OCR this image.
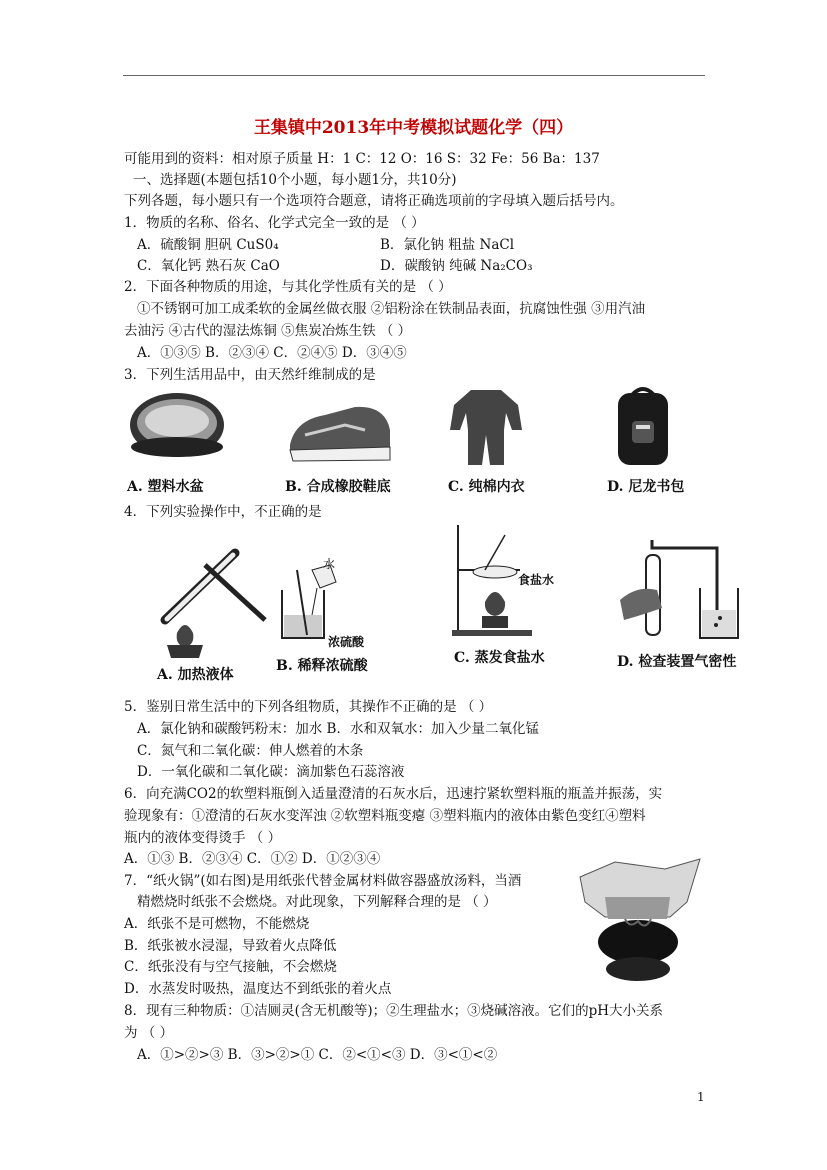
王集镇中2013年中考模拟试题化学（四）
可能用到的资料：相对原子质量 H：1 C：12 O：16 S：32 Fe：56 Ba：137
一、选择题(本题包括10个小题，每小题1分，共10分)
下列各题，每小题只有一个选项符合题意，请将正确选项前的字母填入题后括号内。
1．物质的名称、俗名、化学式完全一致的是 （ ）
A．硫酸铜 胆矾 CuS0₄	B．氯化钠 粗盐 NaCl
C．氧化钙 熟石灰 CaO	D．碳酸钠 纯碱 Na₂CO₃
2．下面各种物质的用途，与其化学性质有关的是 （ ）
①不锈钢可加工成柔软的金属丝做衣服 ②铝粉涂在铁制品表面，抗腐蚀性强 ③用汽油
去油污 ④古代的湿法炼铜 ⑤焦炭冶炼生铁 （ ）
A．①③⑤ B．②③④ C．②④⑤ D．③④⑤
3．下列生活用品中，由天然纤维制成的是
A. 塑料水盆	B. 合成橡胶鞋底	C. 纯棉内衣	D. 尼龙书包
4．下列实验操作中，不正确的是
水
浓硫酸
食盐水
A. 加热液体
B. 稀释浓硫酸	C. 蒸发食盐水	D. 检查装置气密性
5．鉴别日常生活中的下列各组物质，其操作不正确的是 （ ）
A．氯化钠和碳酸钙粉末：加水 B．水和双氧水：加入少量二氧化锰
C．氮气和二氧化碳：伸人燃着的木条
D．一氧化碳和二氧化碳：滴加紫色石蕊溶液
6．向充满CO2的软塑料瓶倒入适量澄清的石灰水后，迅速拧紧软塑料瓶的瓶盖并振荡，实
验现象有：①澄清的石灰水变浑浊 ②软塑料瓶变瘪 ③塑料瓶内的液体由紫色变红④塑料
瓶内的液体变得烫手 （ ）
A．①③ B．②③④ C．①② D．①②③④
7．“纸火锅”(如右图)是用纸张代替金属材料做容器盛放汤料，当酒
精燃烧时纸张不会燃烧。对此现象，下列解释合理的是 （ ）
A．纸张不是可燃物，不能燃烧
B．纸张被水浸湿，导致着火点降低
C．纸张没有与空气接触，不会燃烧
D．水蒸发时吸热，温度达不到纸张的着火点
8．现有三种物质：①洁厕灵(含无机酸等)；②生理盐水；③烧碱溶液。它们的pH大小关系
为 （ ）
A．①>②>③ B．③>②>① C．②<①<③ D．③<①<②
1
